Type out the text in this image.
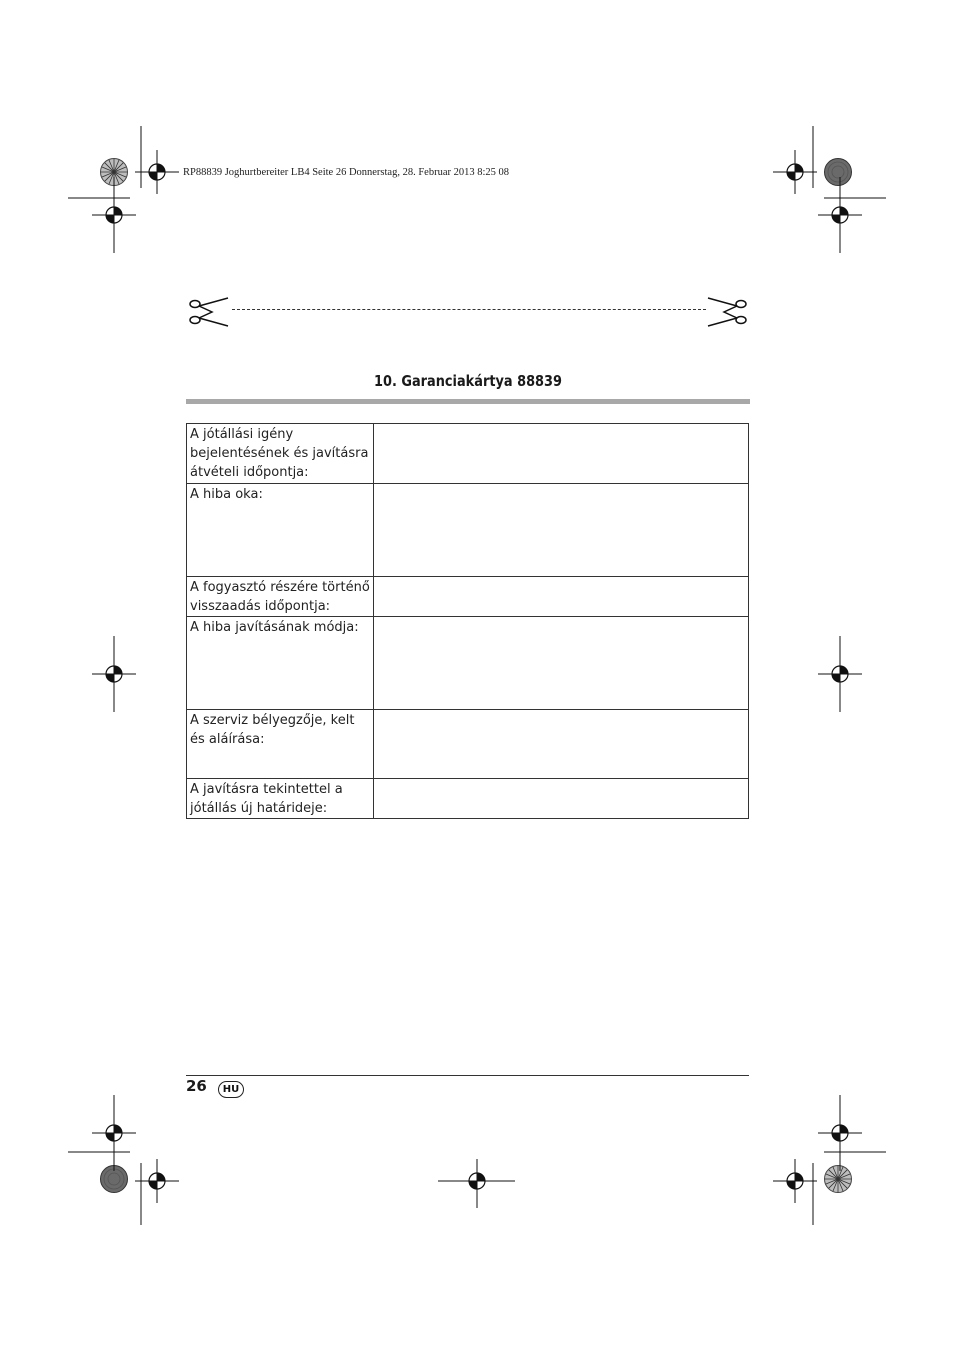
RP88839 Joghurtbereiter LB4 Seite 26 Donnerstag, 28. Februar 2013 8:25 08
10. Garanciakártya 88839
A jótállási igény bejelentésének és javításra átvételi időpontja:	
A hiba oka:	
A fogyasztó részére történő visszaadás időpontja:	
A hiba javításának módja:	
A szerviz bélyegzője, kelt és aláírása:	
A javításra tekintettel a jótállás új határideje:	
26	HU
